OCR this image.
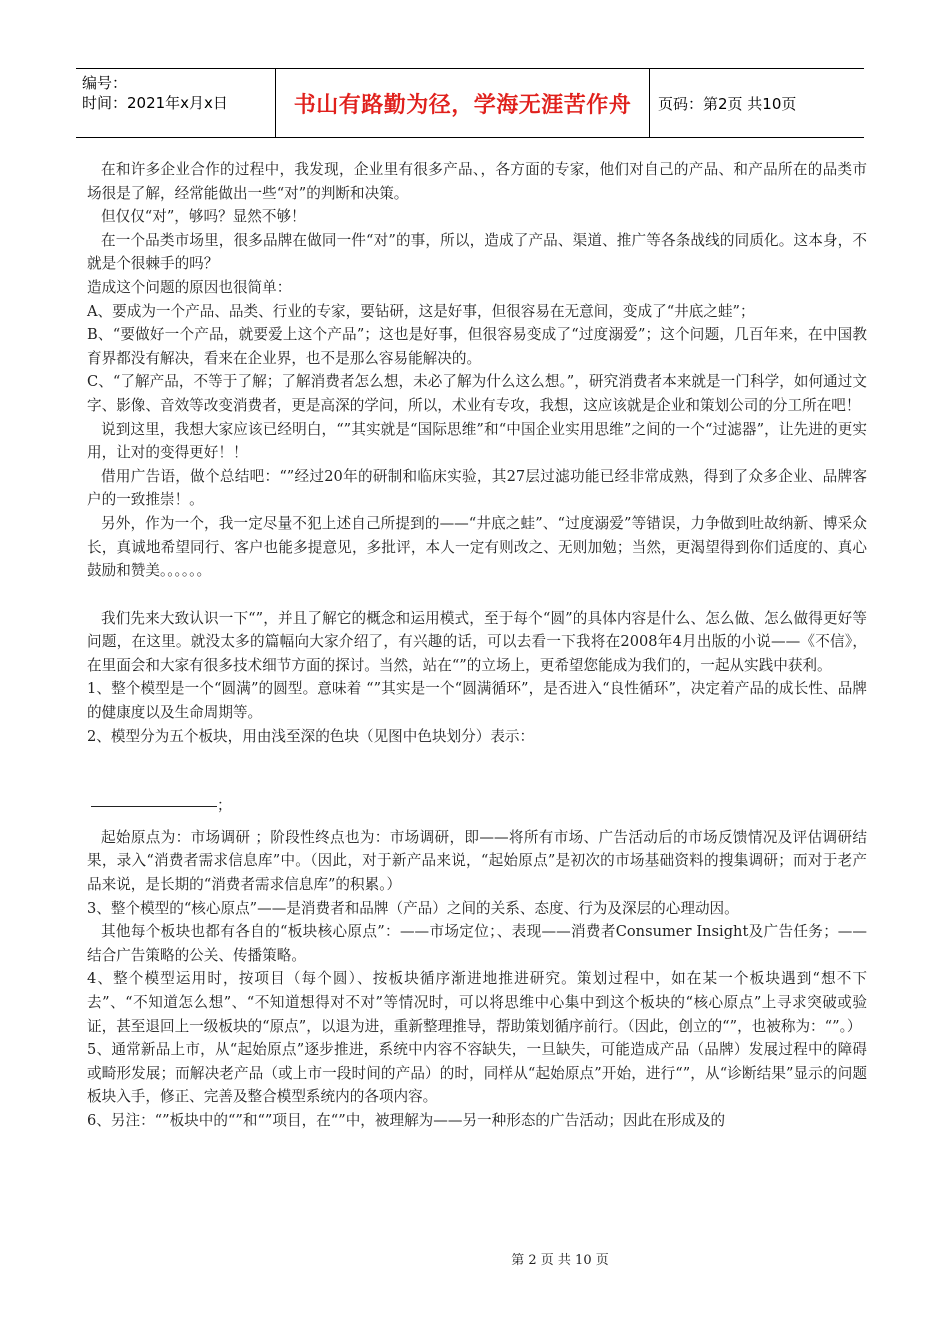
编号：
时间：2021年x月x日	书山有路勤为径，学海无涯苦作舟 页码：第2页 共10页

在和许多企业合作的过程中，我发现，企业里有很多产品、，各方面的专家，他们对自己的产品、和产品所在的品类市场很是了解，经常能做出一些“对”的判断和决策。

但仅仅“对”，够吗？显然不够！

在一个品类市场里，很多品牌在做同一件“对”的事，所以，造成了产品、渠道、推广等各条战线的同质化。这本身，不就是个很棘手的吗？

造成这个问题的原因也很简单：

A、要成为一个产品、品类、行业的专家，要钻研，这是好事，但很容易在无意间，变成了“井底之蛙”；

B、“要做好一个产品，就要爱上这个产品”；这也是好事，但很容易变成了“过度溺爱”；这个问题，几百年来，在中国教育界都没有解决，看来在企业界，也不是那么容易能解决的。

C、“了解产品，不等于了解；了解消费者怎么想，未必了解为什么这么想。”，研究消费者本来就是一门科学，如何通过文字、影像、音效等改变消费者，更是高深的学问，所以，术业有专攻，我想，这应该就是企业和策划公司的分工所在吧！

说到这里，我想大家应该已经明白，“”其实就是“国际思维”和“中国企业实用思维”之间的一个“过滤器”，让先进的更实用，让对的变得更好！！

借用广告语，做个总结吧：“”经过20年的研制和临床实验，其27层过滤功能已经非常成熟，得到了众多企业、品牌客户的一致推崇！。

另外，作为一个，我一定尽量不犯上述自己所提到的——“井底之蛙”、“过度溺爱”等错误，力争做到吐故纳新、博采众长，真诚地希望同行、客户也能多提意见，多批评，本人一定有则改之、无则加勉；当然，更渴望得到你们适度的、真心鼓励和赞美。。。。。。

我们先来大致认识一下“”，并且了解它的概念和运用模式，至于每个“圆”的具体内容是什么、怎么做、怎么做得更好等问题，在这里。就没太多的篇幅向大家介绍了，有兴趣的话，可以去看一下我将在2008年4月出版的小说——《不信》，在里面会和大家有很多技术细节方面的探讨。当然，站在“”的立场上，更希望您能成为我们的，一起从实践中获利。

1、整个模型是一个“圆满”的圆型。意味着 “”其实是一个“圆满循环”，是否进入“良性循环”，决定着产品的成长性、品牌的健康度以及生命周期等。

2、模型分为五个板块，用由浅至深的色块（见图中色块划分）表示：

；

起始原点为：市场调研 ；阶段性终点也为：市场调研，即——将所有市场、广告活动后的市场反馈情况及评估调研结果，录入“消费者需求信息库”中。（因此，对于新产品来说，“起始原点”是初次的市场基础资料的搜集调研；而对于老产品来说，是长期的“消费者需求信息库”的积累。）

3、整个模型的“核心原点”——是消费者和品牌（产品）之间的关系、态度、行为及深层的心理动因。

其他每个板块也都有各自的“板块核心原点”：——市场定位；、表现——消费者Consumer Insight及广告任务；——结合广告策略的公关、传播策略。

4、整个模型运用时，按项目（每个圆）、按板块循序渐进地推进研究。策划过程中，如在某一个板块遇到“想不下去”、“不知道怎么想”、“不知道想得对不对”等情况时，可以将思维中心集中到这个板块的“核心原点”上寻求突破或验证，甚至退回上一级板块的“原点”，以退为进，重新整理推导，帮助策划循序前行。（因此，创立的“”，也被称为：“”。）

5、通常新品上市，从“起始原点”逐步推进，系统中内容不容缺失，一旦缺失，可能造成产品（品牌）发展过程中的障碍或畸形发展；而解决老产品（或上市一段时间的产品）的时，同样从“起始原点”开始，进行“”，从“诊断结果”显示的问题板块入手，修正、完善及整合模型系统内的各项内容。

6、另注：“”板块中的“”和“”项目，在“”中，被理解为——另一种形态的广告活动；因此在形成及的

第 2 页 共 10 页
